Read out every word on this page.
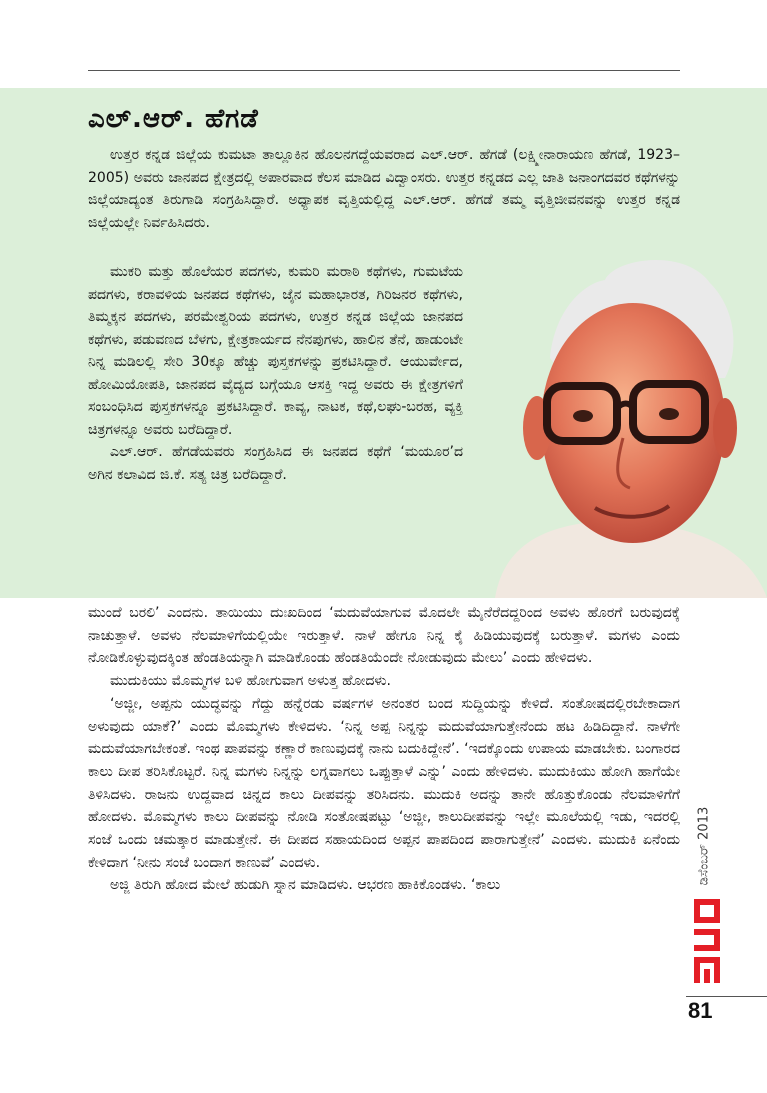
ಎಲ್.ಆರ್. ಹೆಗಡೆ

ಉತ್ತರ ಕನ್ನಡ ಜಿಲ್ಲೆಯ ಕುಮಟಾ ತಾಲ್ಲೂಕಿನ ಹೊಲನಗದ್ದೆಯವರಾದ ಎಲ್.ಆರ್. ಹೆಗಡೆ (ಲಕ್ಷ್ಮೀನಾರಾಯಣ ಹೆಗಡೆ, 1923–2005) ಅವರು ಜಾನಪದ ಕ್ಷೇತ್ರದಲ್ಲಿ ಅಪಾರವಾದ ಕೆಲಸ ಮಾಡಿದ ವಿದ್ವಾಂಸರು. ಉತ್ತರ ಕನ್ನಡದ ಎಲ್ಲ ಜಾತಿ ಜನಾಂಗದವರ ಕಥೆಗಳನ್ನು ಜಿಲ್ಲೆಯಾದ್ಯಂತ ತಿರುಗಾಡಿ ಸಂಗ್ರಹಿಸಿದ್ದಾರೆ. ಅಧ್ಯಾಪಕ ವೃತ್ತಿಯಲ್ಲಿದ್ದ ಎಲ್.ಆರ್. ಹೆಗಡೆ ತಮ್ಮ ವೃತ್ತಿಜೀವನವನ್ನು ಉತ್ತರ ಕನ್ನಡ ಜಿಲ್ಲೆಯಲ್ಲೇ ನಿರ್ವಹಿಸಿದರು.

ಮುಕರಿ ಮತ್ತು ಹೊಲೆಯರ ಪದಗಳು, ಕುಮರಿ ಮರಾಠಿ ಕಥೆಗಳು, ಗುಮಟೆಯ ಪದಗಳು, ಕರಾವಳಿಯ ಜನಪದ ಕಥೆಗಳು, ಜೈನ ಮಹಾಭಾರತ, ಗಿರಿಜನರ ಕಥೆಗಳು, ತಿಮ್ಮಕ್ಕನ ಪದಗಳು, ಪರಮೇಶ್ವರಿಯ ಪದಗಳು, ಉತ್ತರ ಕನ್ನಡ ಜಿಲ್ಲೆಯ ಜಾನಪದ ಕಥೆಗಳು, ಪಡುವಣದ ಬೆಳಗು, ಕ್ಷೇತ್ರಕಾರ್ಯದ ನೆನಪುಗಳು, ಹಾಲಿನ ತೆನೆ, ಹಾಡುಂಟೇ ನಿನ್ನ ಮಡಿಲಲ್ಲಿ ಸೇರಿ 30ಕ್ಕೂ ಹೆಚ್ಚು ಪುಸ್ತಕಗಳನ್ನು ಪ್ರಕಟಿಸಿದ್ದಾರೆ. ಆಯುರ್ವೇದ, ಹೋಮಿಯೋಪತಿ, ಜಾನಪದ ವೈದ್ಯದ ಬಗ್ಗೆಯೂ ಆಸಕ್ತಿ ಇದ್ದ ಅವರು ಈ ಕ್ಷೇತ್ರಗಳಿಗೆ ಸಂಬಂಧಿಸಿದ ಪುಸ್ತಕಗಳನ್ನೂ ಪ್ರಕಟಿಸಿದ್ದಾರೆ. ಕಾವ್ಯ, ನಾಟಕ, ಕಥೆ,ಲಘು-ಬರಹ, ವ್ಯಕ್ತಿ ಚಿತ್ರಗಳನ್ನೂ ಅವರು ಬರೆದಿದ್ದಾರೆ.

ಎಲ್.ಆರ್. ಹೆಗಡೆಯವರು ಸಂಗ್ರಹಿಸಿದ ಈ ಜನಪದ ಕಥೆಗೆ ‘ಮಯೂರ’ದ ಅಗಿನ ಕಲಾವಿದ ಜಿ.ಕೆ. ಸತ್ಯ ಚಿತ್ರ ಬರೆದಿದ್ದಾರೆ.

ಮುಂದೆ ಬರಲಿ’ ಎಂದನು. ತಾಯಿಯು ದುಃಖದಿಂದ ‘ಮದುವೆಯಾಗುವ ಮೊದಲೇ ಮೈನೆರೆದದ್ದರಿಂದ ಅವಳು ಹೊರಗೆ ಬರುವುದಕ್ಕೆ ನಾಚುತ್ತಾಳೆ. ಅವಳು ನೆಲಮಾಳಿಗೆಯಲ್ಲಿಯೇ ಇರುತ್ತಾಳೆ. ನಾಳೆ ಹೇಗೂ ನಿನ್ನ ಕೈ ಹಿಡಿಯುವುದಕ್ಕೆ ಬರುತ್ತಾಳೆ. ಮಗಳು ಎಂದು ನೋಡಿಕೊಳ್ಳುವುದಕ್ಕಿಂತ ಹೆಂಡತಿಯನ್ನಾಗಿ ಮಾಡಿಕೊಂಡು ಹೆಂಡತಿಯೆಂದೇ ನೋಡುವುದು ಮೇಲು’ ಎಂದು ಹೇಳಿದಳು.

ಮುದುಕಿಯು ಮೊಮ್ಮಗಳ ಬಳಿ ಹೋಗುವಾಗ ಅಳುತ್ತ ಹೋದಳು.

‘ಅಜ್ಜೀ, ಅಪ್ಪನು ಯುದ್ಧವನ್ನು ಗೆದ್ದು ಹನ್ನೆರಡು ವರ್ಷಗಳ ಅನಂತರ ಬಂದ ಸುದ್ದಿಯನ್ನು ಕೇಳಿದೆ. ಸಂತೋಷದಲ್ಲಿರಬೇಕಾದಾಗ ಅಳುವುದು ಯಾಕೆ?’ ಎಂದು ಮೊಮ್ಮಗಳು ಕೇಳಿದಳು. ‘ನಿನ್ನ ಅಪ್ಪ ನಿನ್ನನ್ನು ಮದುವೆಯಾಗುತ್ತೇನೆಂದು ಹಟ ಹಿಡಿದಿದ್ದಾನೆ. ನಾಳೆಗೇ ಮದುವೆಯಾಗಬೇಕಂತೆ. ಇಂಥ ಪಾಪವನ್ನು ಕಣ್ಣಾರೆ ಕಾಣುವುದಕ್ಕೆ ನಾನು ಬದುಕಿದ್ದೇನೆ’. ‘ಇದಕ್ಕೊಂದು ಉಪಾಯ ಮಾಡಬೇಕು. ಬಂಗಾರದ ಕಾಲು ದೀಪ ತರಿಸಿಕೊಟ್ಟರೆ. ನಿನ್ನ ಮಗಳು ನಿನ್ನನ್ನು ಲಗ್ನವಾಗಲು ಒಪ್ಪುತ್ತಾಳೆ ಎನ್ನು’ ಎಂದು ಹೇಳಿದಳು. ಮುದುಕಿಯು ಹೋಗಿ ಹಾಗೆಯೇ ತಿಳಿಸಿದಳು. ರಾಜನು ಉದ್ದವಾದ ಚಿನ್ನದ ಕಾಲು ದೀಪವನ್ನು ತರಿಸಿದನು. ಮುದುಕಿ ಅದನ್ನು ತಾನೇ ಹೊತ್ತುಕೊಂಡು ನೆಲಮಾಳಿಗೆಗೆ ಹೋದಳು. ಮೊಮ್ಮಗಳು ಕಾಲು ದೀಪವನ್ನು ನೋಡಿ ಸಂತೋಷಪಟ್ಟು ‘ಅಜ್ಜೀ, ಕಾಲುದೀಪವನ್ನು ಇಲ್ಲೇ ಮೂಲೆಯಲ್ಲಿ ಇಡು, ಇದರಲ್ಲಿ ಸಂಜೆ ಒಂದು ಚಮತ್ಕಾರ ಮಾಡುತ್ತೇನೆ. ಈ ದೀಪದ ಸಹಾಯದಿಂದ ಅಪ್ಪನ ಪಾಪದಿಂದ ಪಾರಾಗುತ್ತೇನೆ’ ಎಂದಳು. ಮುದುಕಿ ಏನೆಂದು ಕೇಳಿದಾಗ ‘ನೀನು ಸಂಜೆ ಬಂದಾಗ ಕಾಣುವೆ’ ಎಂದಳು.

ಅಜ್ಜಿ ತಿರುಗಿ ಹೋದ ಮೇಲೆ ಹುಡುಗಿ ಸ್ನಾನ ಮಾಡಿದಳು. ಆಭರಣ ಹಾಕಿಕೊಂಡಳು. ‘ಕಾಲು

ಡಿಸೆಂಬರ್ 2013
81
